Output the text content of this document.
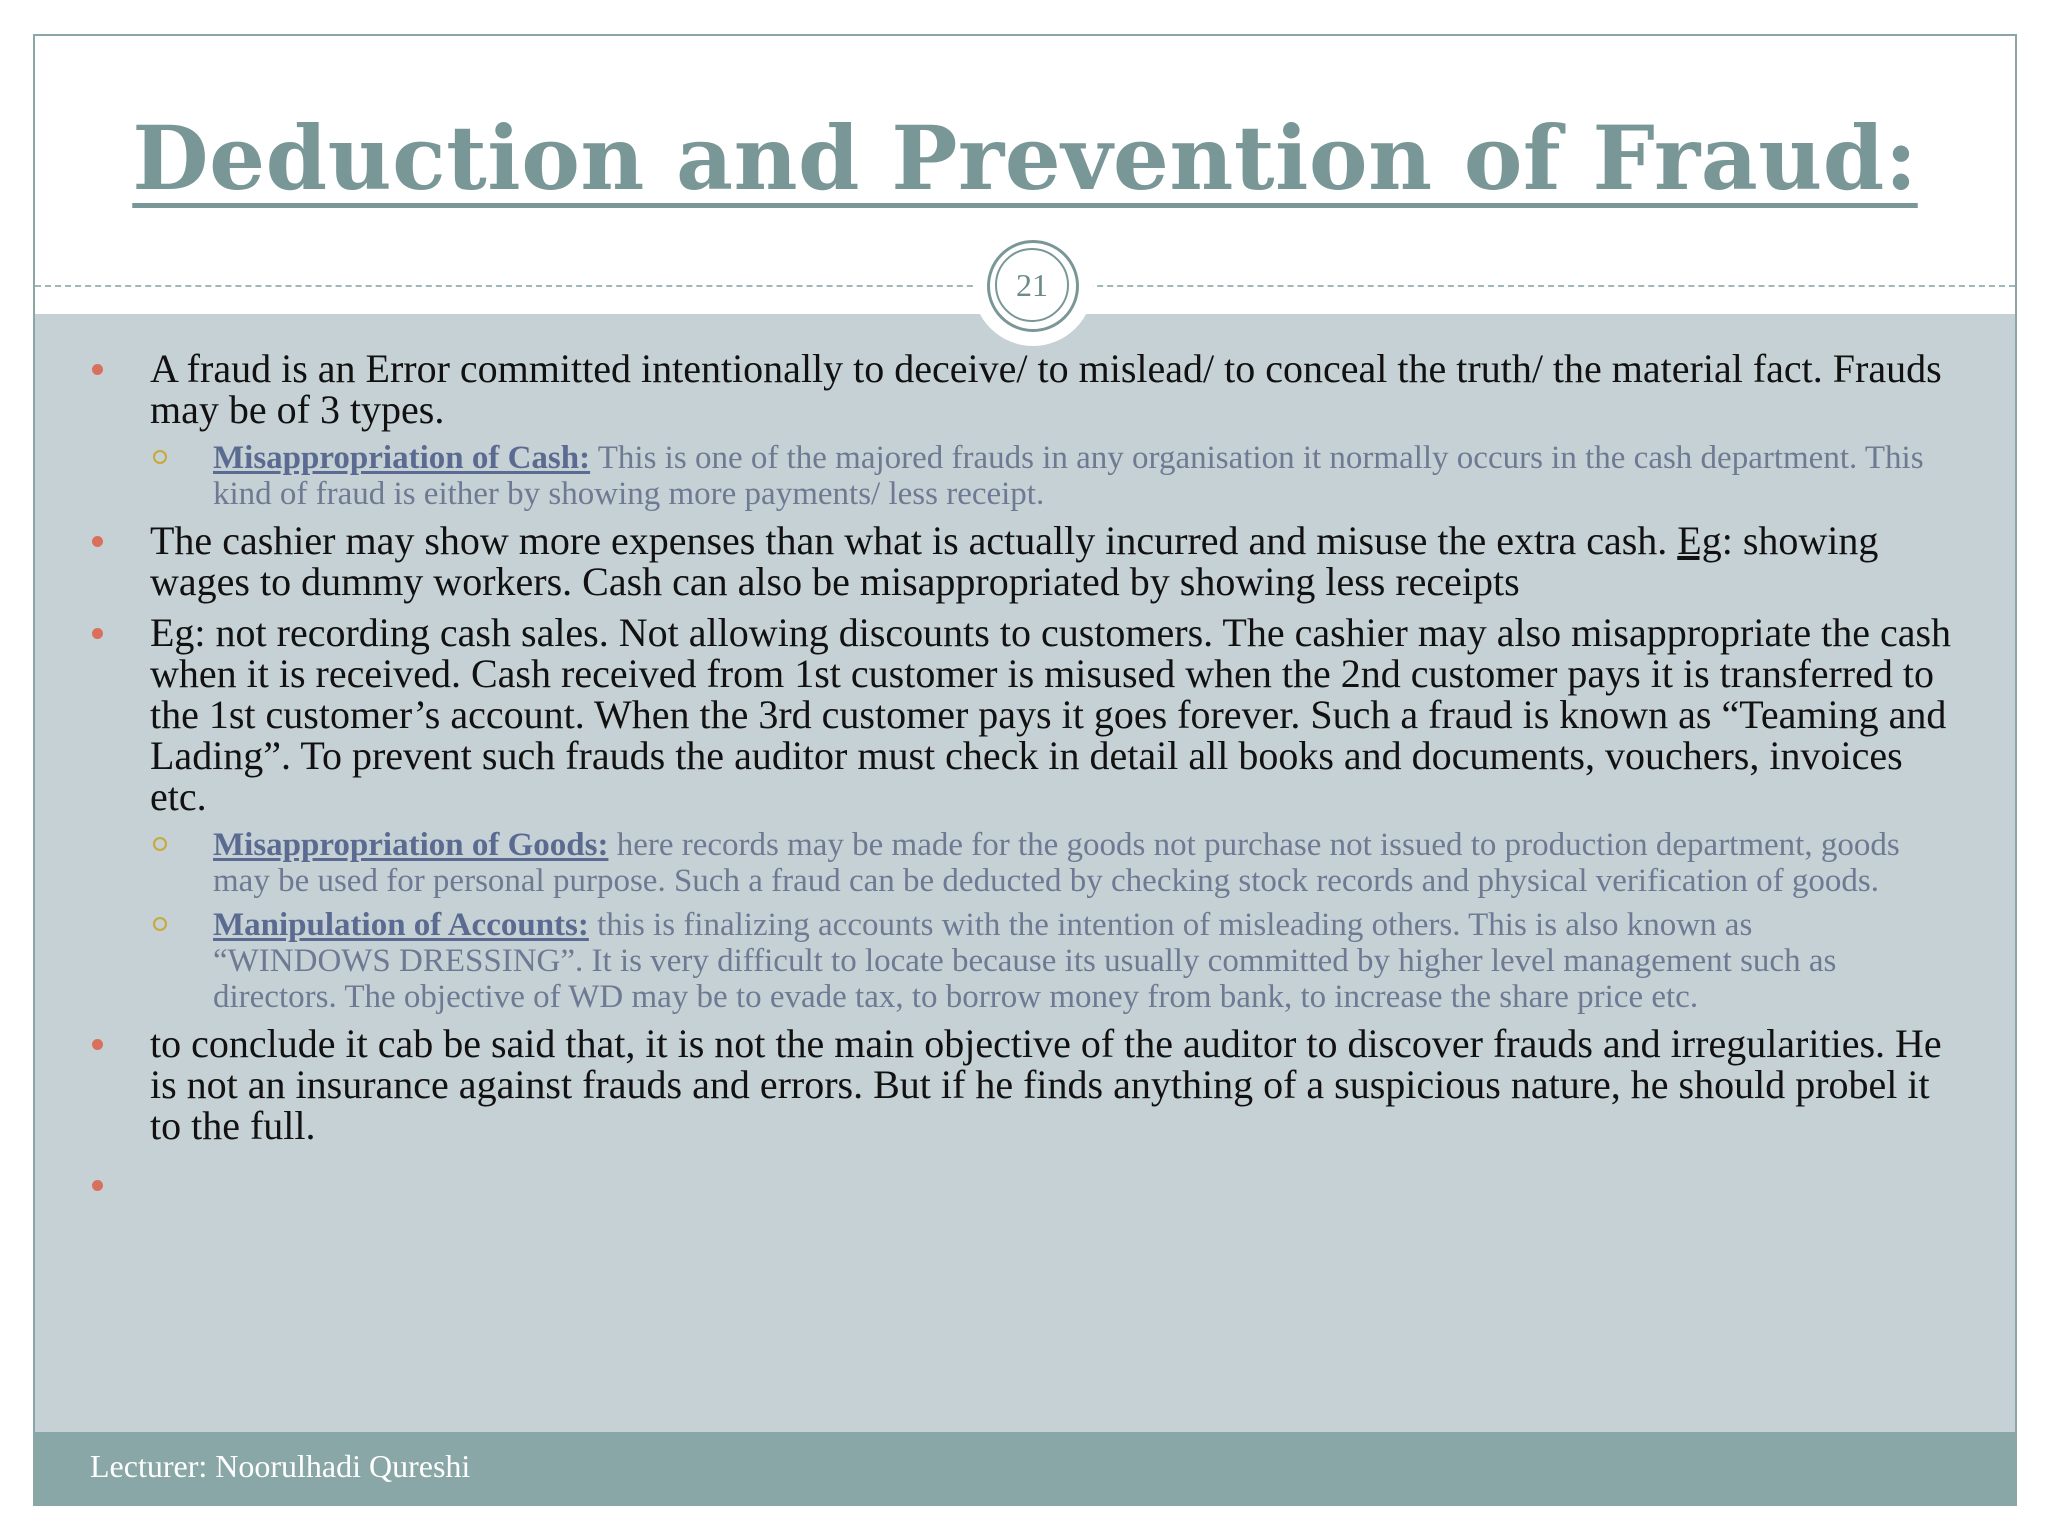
Deduction and Prevention of Fraud:
21
A fraud is an Error committed intentionally to deceive/ to mislead/ to conceal the truth/ the material fact. Frauds may be of 3 types.
Misappropriation of Cash: This is one of the majored frauds in any organisation it normally occurs in the cash department. This kind of fraud is either by showing more payments/ less receipt.
The cashier may show more expenses than what is actually incurred and misuse the extra cash. Eg: showing wages to dummy workers. Cash can also be misappropriated by showing less receipts
Eg: not recording cash sales. Not allowing discounts to customers. The cashier may also misappropriate the cash when it is received. Cash received from 1st customer is misused when the 2nd customer pays it is transferred to the 1st customer’s account. When the 3rd customer pays it goes forever. Such a fraud is known as “Teaming and Lading”. To prevent such frauds the auditor must check in detail all books and documents, vouchers, invoices etc.
Misappropriation of Goods: here records may be made for the goods not purchase not issued to production department, goods may be used for personal purpose. Such a fraud can be deducted by checking stock records and physical verification of goods.
Manipulation of Accounts: this is finalizing accounts with the intention of misleading others. This is also known as “WINDOWS DRESSING”. It is very difficult to locate because its usually committed by higher level management such as directors. The objective of WD may be to evade tax, to borrow money from bank, to increase the share price etc.
to conclude it cab be said that, it is not the main objective of the auditor to discover frauds and irregularities. He is not an insurance against frauds and errors. But if he finds anything of a suspicious nature, he should probel it to the full.
Lecturer: Noorulhadi Qureshi
